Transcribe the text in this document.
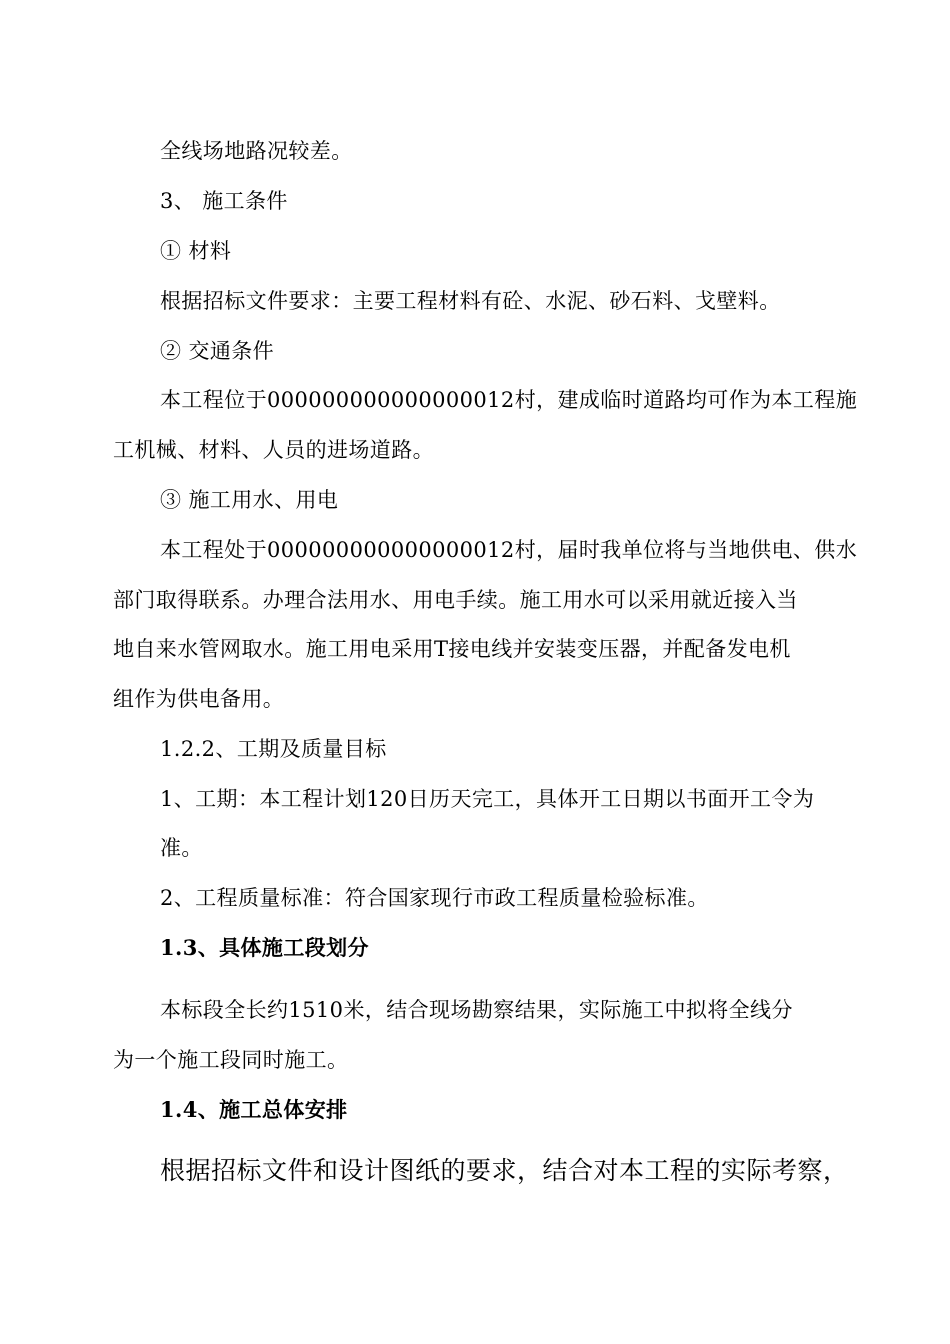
全线场地路况较差。
3、 施工条件
① 材料
根据招标文件要求：主要工程材料有砼、水泥、砂石料、戈壁料。
② 交通条件
本工程位于000000000000000012村，建成临时道路均可作为本工程施
工机械、材料、人员的进场道路。
③ 施工用水、用电
本工程处于000000000000000012村，届时我单位将与当地供电、供水
部门取得联系。办理合法用水、用电手续。施工用水可以采用就近接入当
地自来水管网取水。施工用电采用T接电线并安装变压器，并配备发电机
组作为供电备用。
1.2.2、工期及质量目标
1、工期：本工程计划120日历天完工，具体开工日期以书面开工令为
准。
2、工程质量标准：符合国家现行市政工程质量检验标准。
1.3、具体施工段划分
本标段全长约1510米，结合现场勘察结果，实际施工中拟将全线分
为一个施工段同时施工。
1.4、施工总体安排
根据招标文件和设计图纸的要求，结合对本工程的实际考察，
